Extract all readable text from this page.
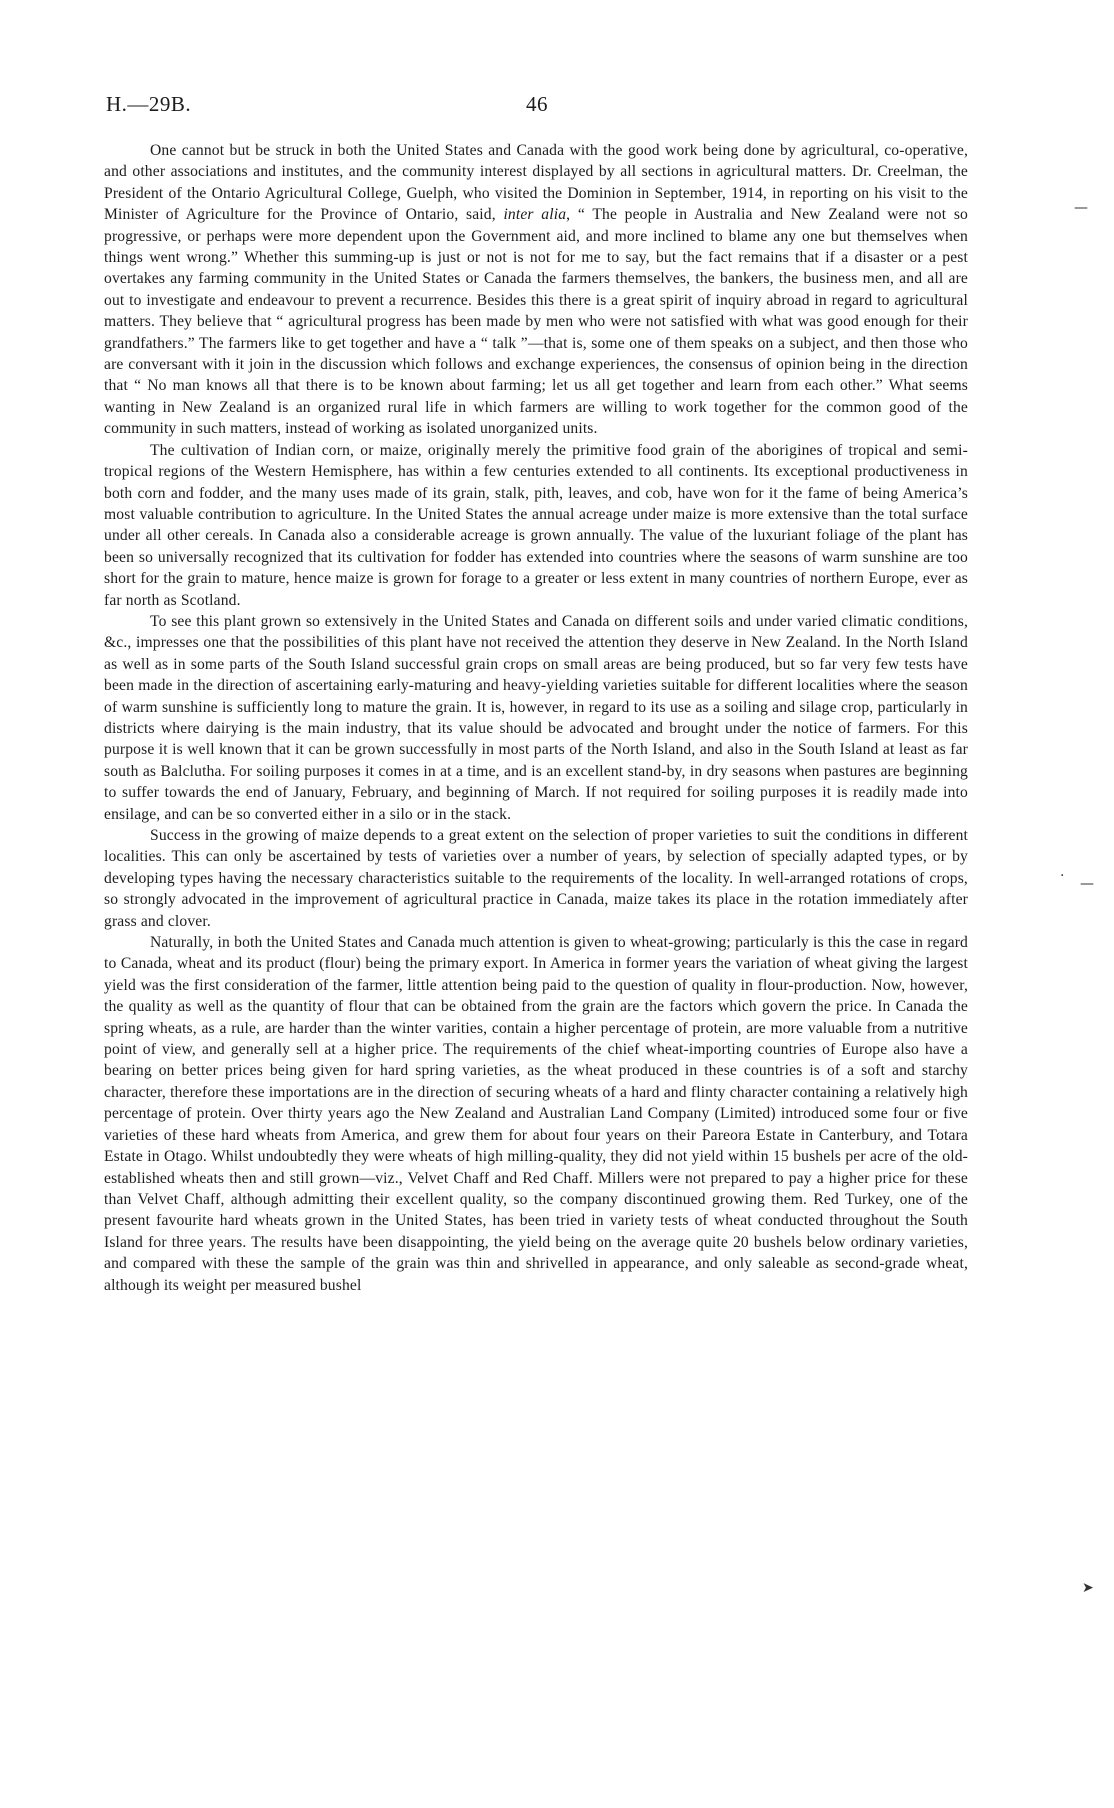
H.—29B.	46

One cannot but be struck in both the United States and Canada with the good work being done by agricultural, co-operative, and other associations and institutes, and the community interest displayed by all sections in agricultural matters. Dr. Creelman, the President of the Ontario Agricultural College, Guelph, who visited the Dominion in September, 1914, in reporting on his visit to the Minister of Agriculture for the Province of Ontario, said, inter alia, “ The people in Australia and New Zealand were not so progressive, or perhaps were more dependent upon the Government aid, and more inclined to blame any one but themselves when things went wrong.” Whether this summing-up is just or not is not for me to say, but the fact remains that if a disaster or a pest overtakes any farming community in the United States or Canada the farmers themselves, the bankers, the business men, and all are out to investigate and endeavour to prevent a recurrence. Besides this there is a great spirit of inquiry abroad in regard to agricultural matters. They believe that “ agricultural progress has been made by men who were not satisfied with what was good enough for their grandfathers.” The farmers like to get together and have a “ talk ”—that is, some one of them speaks on a subject, and then those who are conversant with it join in the discussion which follows and exchange experiences, the consensus of opinion being in the direction that “ No man knows all that there is to be known about farming; let us all get together and learn from each other.” What seems wanting in New Zealand is an organized rural life in which farmers are willing to work together for the common good of the community in such matters, instead of working as isolated unorganized units.

The cultivation of Indian corn, or maize, originally merely the primitive food grain of the aborigines of tropical and semi-tropical regions of the Western Hemisphere, has within a few centuries extended to all continents. Its exceptional productiveness in both corn and fodder, and the many uses made of its grain, stalk, pith, leaves, and cob, have won for it the fame of being America’s most valuable contribution to agriculture. In the United States the annual acreage under maize is more extensive than the total surface under all other cereals. In Canada also a considerable acreage is grown annually. The value of the luxuriant foliage of the plant has been so universally recognized that its cultivation for fodder has extended into countries where the seasons of warm sunshine are too short for the grain to mature, hence maize is grown for forage to a greater or less extent in many countries of northern Europe, ever as far north as Scotland.

To see this plant grown so extensively in the United States and Canada on different soils and under varied climatic conditions, &c., impresses one that the possibilities of this plant have not received the attention they deserve in New Zealand. In the North Island as well as in some parts of the South Island successful grain crops on small areas are being produced, but so far very few tests have been made in the direction of ascertaining early-maturing and heavy-yielding varieties suitable for different localities where the season of warm sunshine is sufficiently long to mature the grain. It is, however, in regard to its use as a soiling and silage crop, particularly in districts where dairying is the main industry, that its value should be advocated and brought under the notice of farmers. For this purpose it is well known that it can be grown successfully in most parts of the North Island, and also in the South Island at least as far south as Balclutha. For soiling purposes it comes in at a time, and is an excellent stand-by, in dry seasons when pastures are beginning to suffer towards the end of January, February, and beginning of March. If not required for soiling purposes it is readily made into ensilage, and can be so converted either in a silo or in the stack.

Success in the growing of maize depends to a great extent on the selection of proper varieties to suit the conditions in different localities. This can only be ascertained by tests of varieties over a number of years, by selection of specially adapted types, or by developing types having the necessary characteristics suitable to the requirements of the locality. In well-arranged rotations of crops, so strongly advocated in the improvement of agricultural practice in Canada, maize takes its place in the rotation immediately after grass and clover.

Naturally, in both the United States and Canada much attention is given to wheat-growing; particularly is this the case in regard to Canada, wheat and its product (flour) being the primary export. In America in former years the variation of wheat giving the largest yield was the first consideration of the farmer, little attention being paid to the question of quality in flour-production. Now, however, the quality as well as the quantity of flour that can be obtained from the grain are the factors which govern the price. In Canada the spring wheats, as a rule, are harder than the winter varities, contain a higher percentage of protein, are more valuable from a nutritive point of view, and generally sell at a higher price. The requirements of the chief wheat-importing countries of Europe also have a bearing on better prices being given for hard spring varieties, as the wheat produced in these countries is of a soft and starchy character, therefore these importations are in the direction of securing wheats of a hard and flinty character containing a relatively high percentage of protein. Over thirty years ago the New Zealand and Australian Land Company (Limited) introduced some four or five varieties of these hard wheats from America, and grew them for about four years on their Pareora Estate in Canterbury, and Totara Estate in Otago. Whilst undoubtedly they were wheats of high milling-quality, they did not yield within 15 bushels per acre of the old-established wheats then and still grown—viz., Velvet Chaff and Red Chaff. Millers were not prepared to pay a higher price for these than Velvet Chaff, although admitting their excellent quality, so the company discontinued growing them. Red Turkey, one of the present favourite hard wheats grown in the United States, has been tried in variety tests of wheat conducted throughout the South Island for three years. The results have been disappointing, the yield being on the average quite 20 bushels below ordinary varieties, and compared with these the sample of the grain was thin and shrivelled in appearance, and only saleable as second-grade wheat, although its weight per measured bushel

—
· —
➤
